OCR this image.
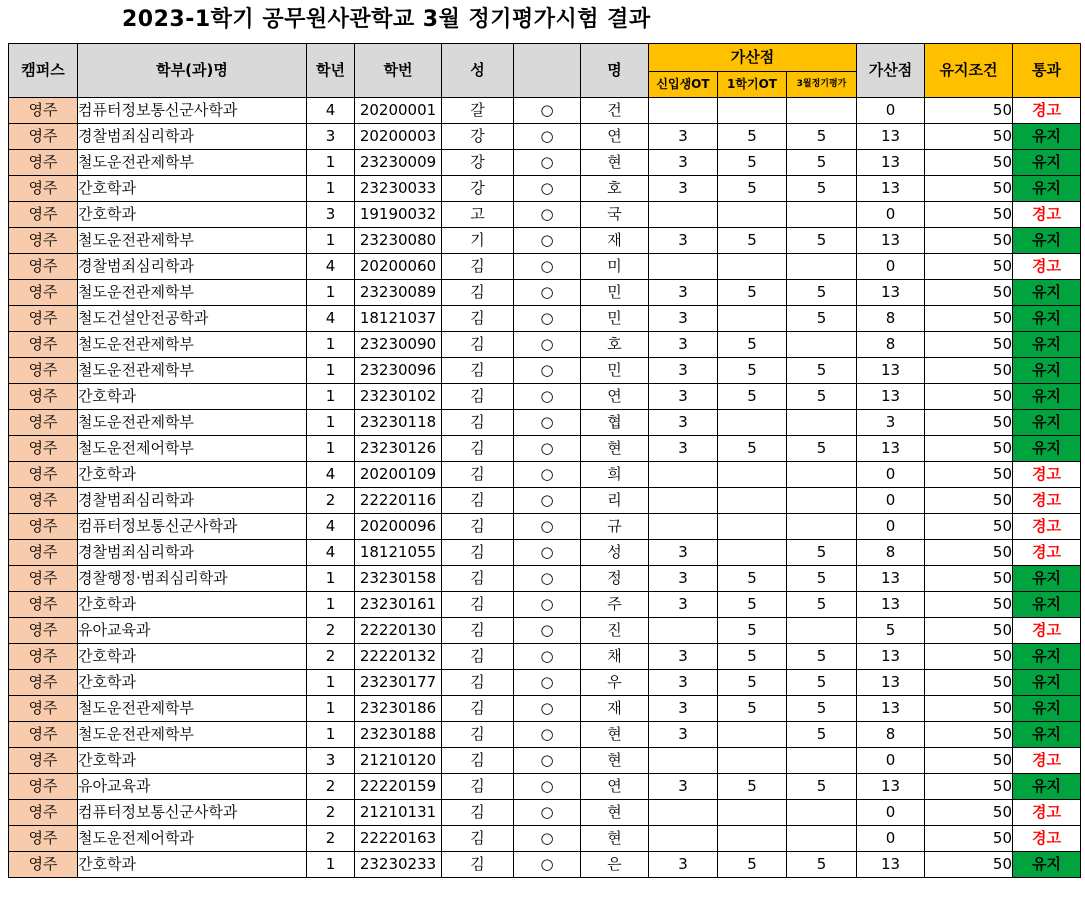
2023-1학기 공무원사관학교 3월 정기평가시험 결과
캠퍼스	학부(과)명	학년	학번	성		명	가산점			가산점	유지조건	통과
							신입생OT	1학기OT	3월정기평가			
영주	컴퓨터정보통신군사학과	4	20200001	갈	○	건				0	50	경고
영주	경찰범죄심리학과	3	20200003	강	○	연	3	5	5	13	50	유지
영주	철도운전관제학부	1	23230009	강	○	현	3	5	5	13	50	유지
영주	간호학과	1	23230033	강	○	호	3	5	5	13	50	유지
영주	간호학과	3	19190032	고	○	국				0	50	경고
영주	철도운전관제학부	1	23230080	기	○	재	3	5	5	13	50	유지
영주	경찰범죄심리학과	4	20200060	김	○	미				0	50	경고
영주	철도운전관제학부	1	23230089	김	○	민	3	5	5	13	50	유지
영주	철도건설안전공학과	4	18121037	김	○	민	3		5	8	50	유지
영주	철도운전관제학부	1	23230090	김	○	호	3	5		8	50	유지
영주	철도운전관제학부	1	23230096	김	○	민	3	5	5	13	50	유지
영주	간호학과	1	23230102	김	○	연	3	5	5	13	50	유지
영주	철도운전관제학부	1	23230118	김	○	협	3			3	50	유지
영주	철도운전제어학부	1	23230126	김	○	현	3	5	5	13	50	유지
영주	간호학과	4	20200109	김	○	희				0	50	경고
영주	경찰범죄심리학과	2	22220116	김	○	리				0	50	경고
영주	컴퓨터정보통신군사학과	4	20200096	김	○	규				0	50	경고
영주	경찰범죄심리학과	4	18121055	김	○	성	3		5	8	50	경고
영주	경찰행정·범죄심리학과	1	23230158	김	○	정	3	5	5	13	50	유지
영주	간호학과	1	23230161	김	○	주	3	5	5	13	50	유지
영주	유아교육과	2	22220130	김	○	진		5		5	50	경고
영주	간호학과	2	22220132	김	○	채	3	5	5	13	50	유지
영주	간호학과	1	23230177	김	○	우	3	5	5	13	50	유지
영주	철도운전관제학부	1	23230186	김	○	재	3	5	5	13	50	유지
영주	철도운전관제학부	1	23230188	김	○	현	3		5	8	50	유지
영주	간호학과	3	21210120	김	○	현				0	50	경고
영주	유아교육과	2	22220159	김	○	연	3	5	5	13	50	유지
영주	컴퓨터정보통신군사학과	2	21210131	김	○	현				0	50	경고
영주	철도운전제어학과	2	22220163	김	○	현				0	50	경고
영주	간호학과	1	23230233	김	○	은	3	5	5	13	50	유지
